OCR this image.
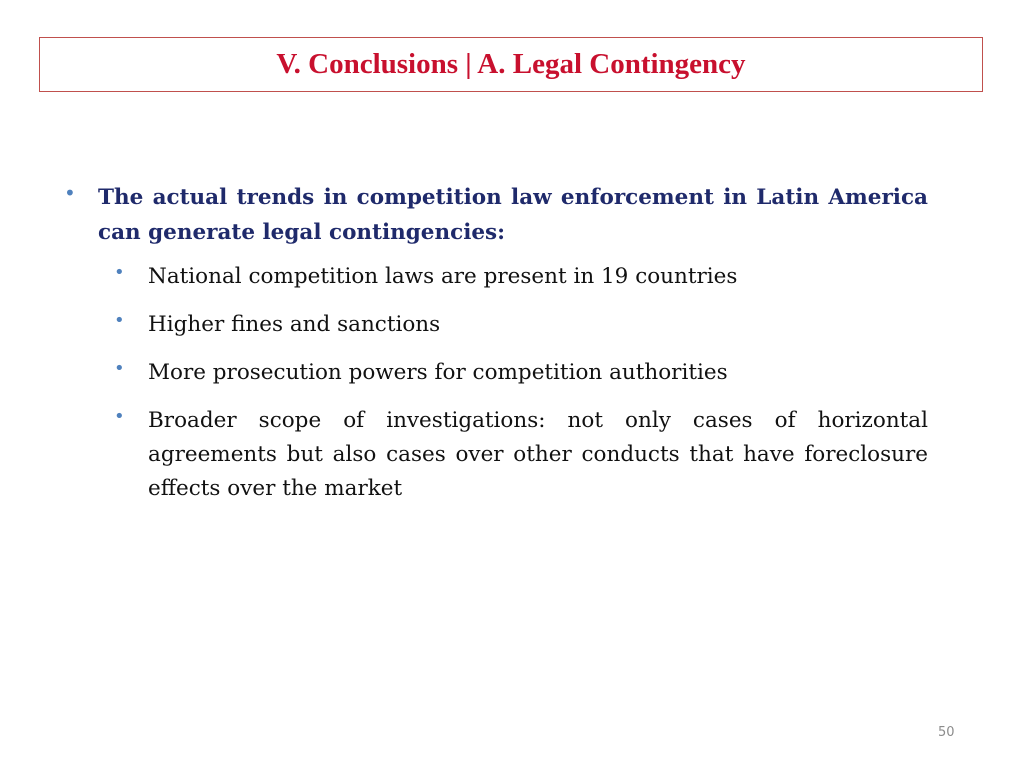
V. Conclusions | A. Legal Contingency
• The actual trends in competition law enforcement in Latin America can generate legal contingencies:
• National competition laws are present in 19 countries
• Higher fines and sanctions
• More prosecution powers for competition authorities
• Broader scope of investigations: not only cases of horizontal agreements but also cases over other conducts that have foreclosure effects over the market
50
